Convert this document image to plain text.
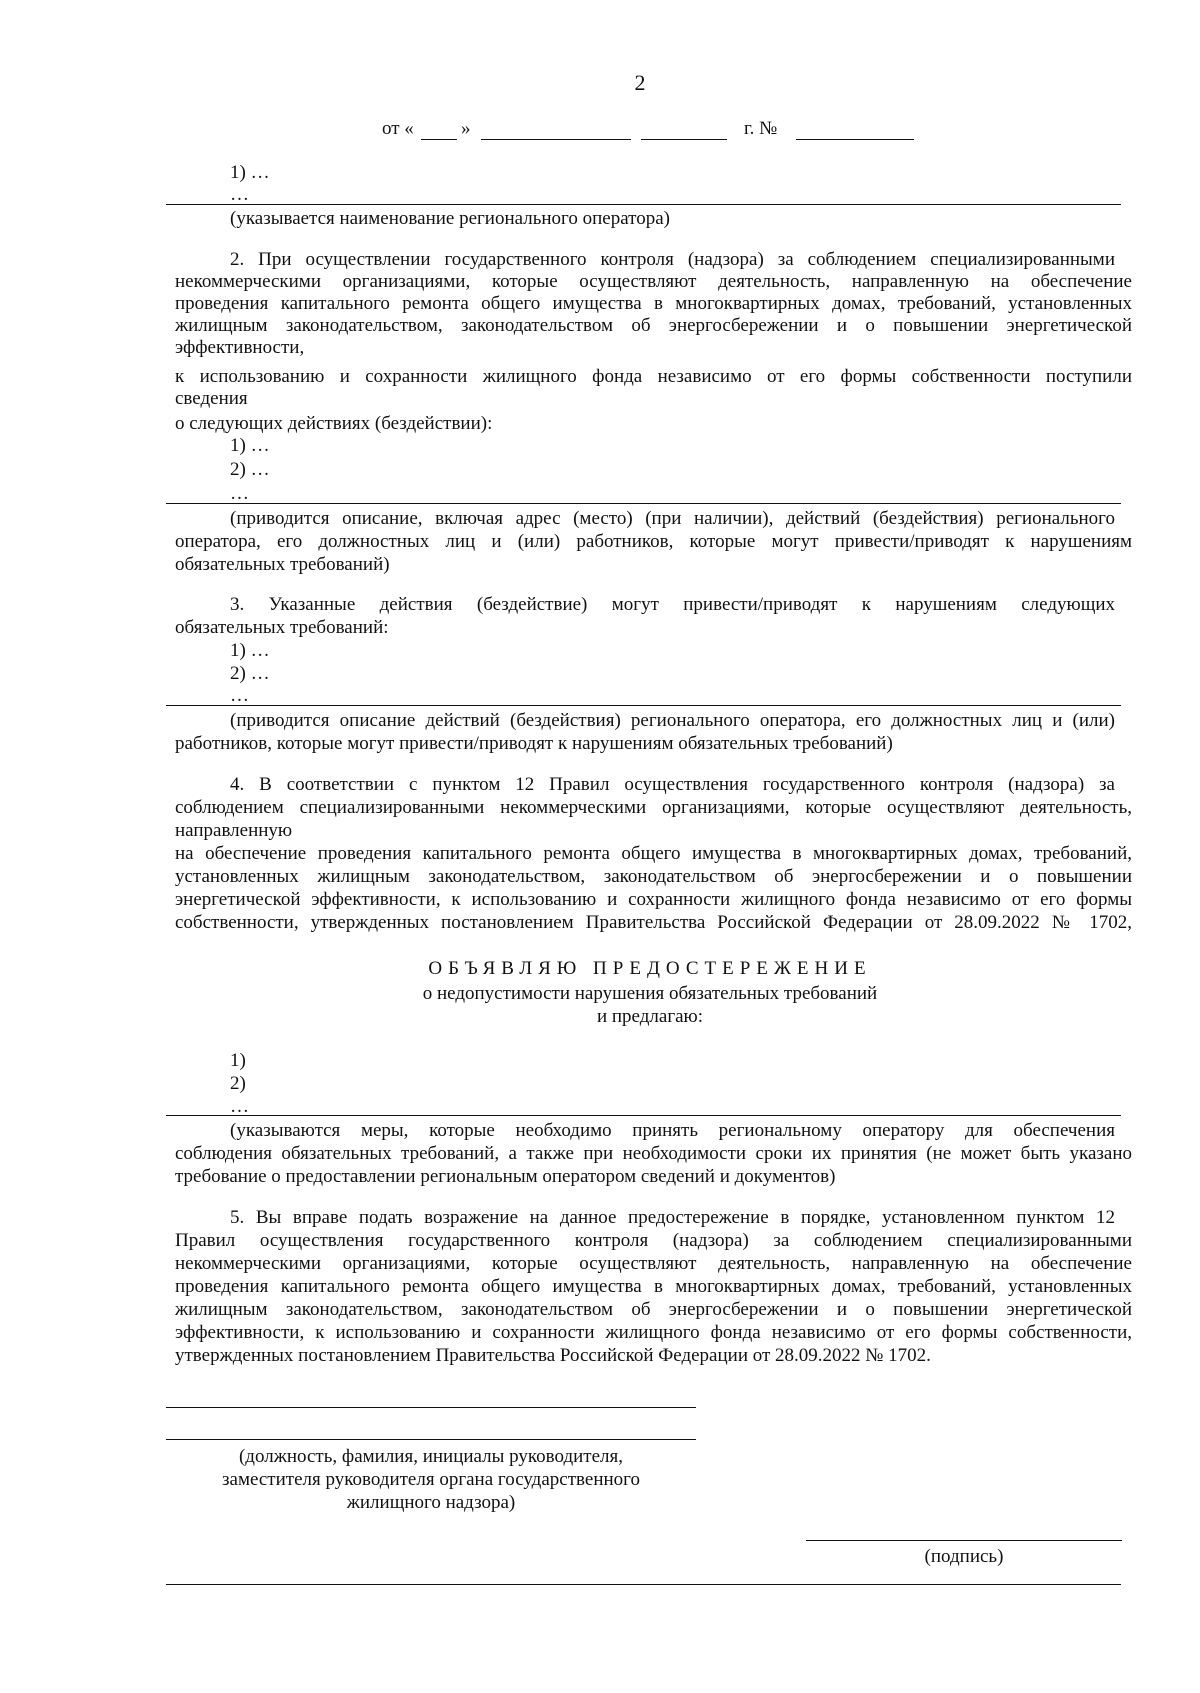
2
от « »	г. №
1) …
…
(указывается наименование регионального оператора)
2. При осуществлении государственного контроля (надзора) за соблюдением специализированными
некоммерческими организациями, которые осуществляют деятельность, направленную на обеспечение
проведения капитального ремонта общего имущества в многоквартирных домах, требований, установленных
жилищным законодательством, законодательством об энергосбережении и о повышении энергетической
эффективности,
к использованию и сохранности жилищного фонда независимо от его формы собственности поступили
сведения
о следующих действиях (бездействии):
1) …
2) …
…
(приводится описание, включая адрес (место) (при наличии), действий (бездействия) регионального
оператора, его должностных лиц и (или) работников, которые могут привести/приводят к нарушениям
обязательных требований)
3. Указанные действия (бездействие) могут привести/приводят к нарушениям следующих
обязательных требований:
1) …
2) …
…
(приводится описание действий (бездействия) регионального оператора, его должностных лиц и (или)
работников, которые могут привести/приводят к нарушениям обязательных требований)
4. В соответствии с пунктом 12 Правил осуществления государственного контроля (надзора) за
соблюдением специализированными некоммерческими организациями, которые осуществляют деятельность,
направленную
на обеспечение проведения капитального ремонта общего имущества в многоквартирных домах, требований,
установленных жилищным законодательством, законодательством об энергосбережении и о повышении
энергетической эффективности, к использованию и сохранности жилищного фонда независимо от его формы
собственности, утвержденных постановлением Правительства Российской Федерации от 28.09.2022 № 1702,
ОБЪЯВЛЯЮ ПРЕДОСТЕРЕЖЕНИЕ
о недопустимости нарушения обязательных требований
и предлагаю:
1)
2)
…
(указываются меры, которые необходимо принять региональному оператору для обеспечения
соблюдения обязательных требований, а также при необходимости сроки их принятия (не может быть указано
требование о предоставлении региональным оператором сведений и документов)
5. Вы вправе подать возражение на данное предостережение в порядке, установленном пунктом 12
Правил осуществления государственного контроля (надзора) за соблюдением специализированными
некоммерческими организациями, которые осуществляют деятельность, направленную на обеспечение
проведения капитального ремонта общего имущества в многоквартирных домах, требований, установленных
жилищным законодательством, законодательством об энергосбережении и о повышении энергетической
эффективности, к использованию и сохранности жилищного фонда независимо от его формы собственности,
утвержденных постановлением Правительства Российской Федерации от 28.09.2022 № 1702.
(должность, фамилия, инициалы руководителя,
заместителя руководителя органа государственного
жилищного надзора)
(подпись)
